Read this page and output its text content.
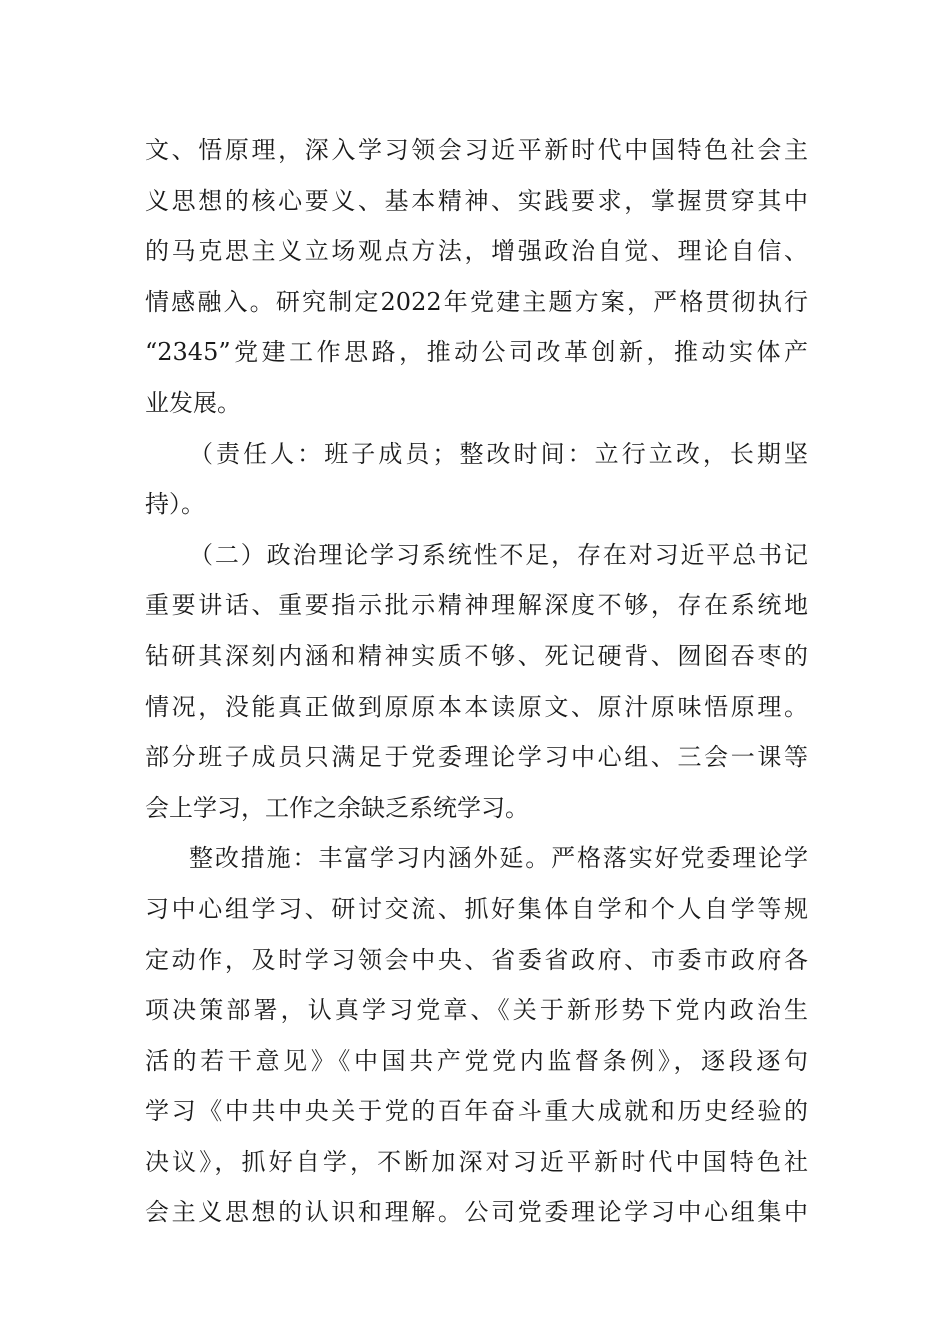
文、悟原理，深入学习领会习近平新时代中国特色社会主
义思想的核心要义、基本精神、实践要求，掌握贯穿其中
的马克思主义立场观点方法，增强政治自觉、理论自信、
情感融入。研究制定2022年党建主题方案，严格贯彻执行
“2345”党建工作思路，推动公司改革创新，推动实体产
业发展。
（责任人：班子成员；整改时间：立行立改，长期坚
持）。
（二）政治理论学习系统性不足，存在对习近平总书记
重要讲话、重要指示批示精神理解深度不够，存在系统地
钻研其深刻内涵和精神实质不够、死记硬背、囫囵吞枣的
情况，没能真正做到原原本本读原文、原汁原味悟原理。
部分班子成员只满足于党委理论学习中心组、三会一课等
会上学习，工作之余缺乏系统学习。
整改措施：丰富学习内涵外延。严格落实好党委理论学
习中心组学习、研讨交流、抓好集体自学和个人自学等规
定动作，及时学习领会中央、省委省政府、市委市政府各
项决策部署，认真学习党章、《关于新形势下党内政治生
活的若干意见》《中国共产党党内监督条例》，逐段逐句
学习《中共中央关于党的百年奋斗重大成就和历史经验的
决议》，抓好自学，不断加深对习近平新时代中国特色社
会主义思想的认识和理解。公司党委理论学习中心组集中
